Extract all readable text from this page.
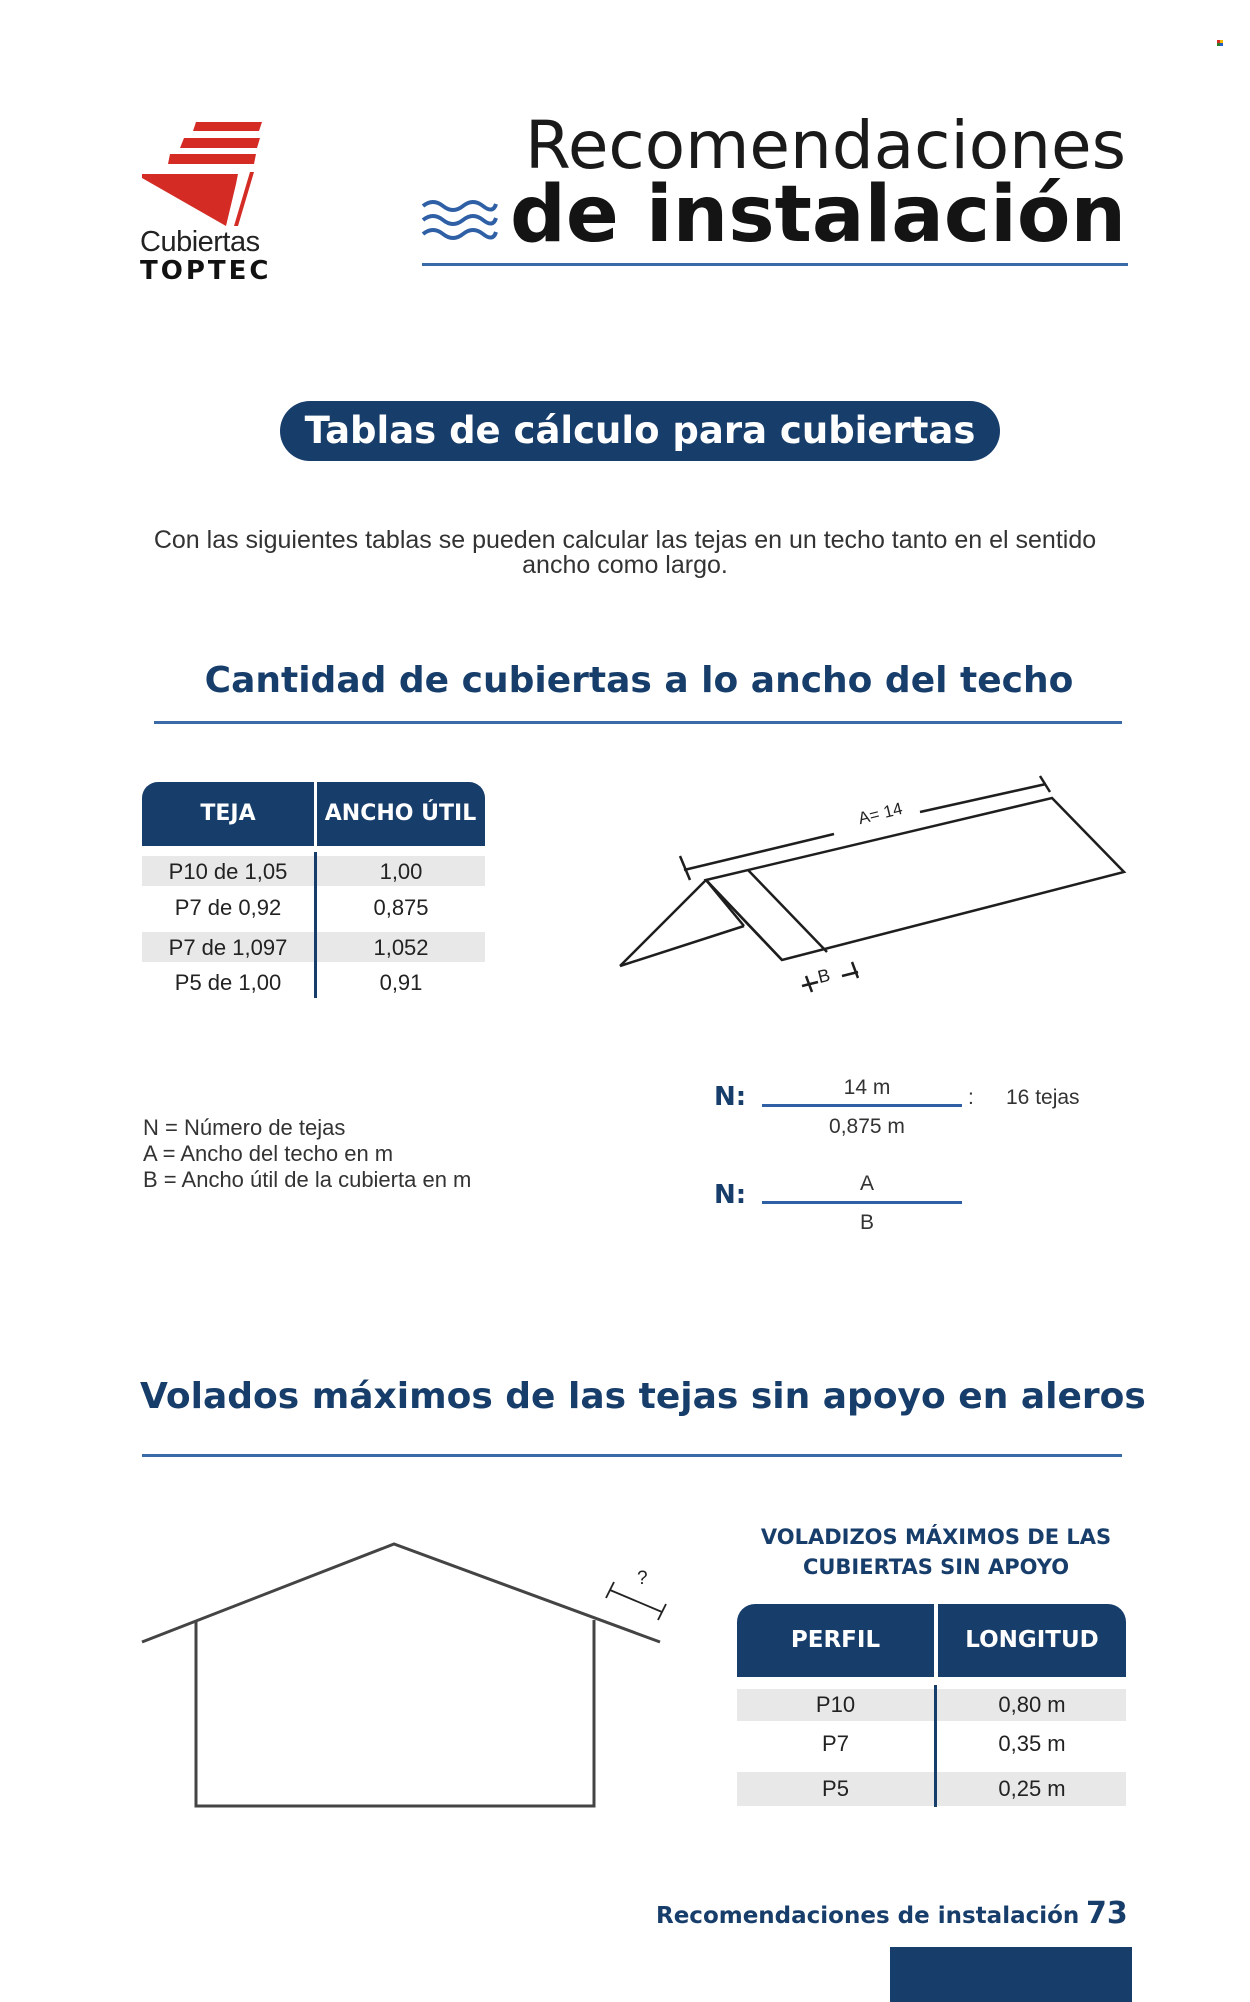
Cubiertas
TOPTEC
Recomendaciones
de instalación
Tablas de cálculo para cubiertas
Con las siguientes tablas se pueden calcular las tejas en un techo tanto en el sentido ancho como largo.
Cantidad de cubiertas a lo ancho del techo
TEJA	ANCHO ÚTIL
P10 de 1,05	1,00
P7 de 0,92	0,875
P7 de 1,097	1,052
P5 de 1,00	0,91
A= 14
B
N = Número de tejas
A = Ancho del techo en m
B = Ancho útil de la cubierta en m
N:	14 m
0,875 m
: 16 tejas
N:	A
B
Volados máximos de las tejas sin apoyo en aleros
?
VOLADIZOS MÁXIMOS DE LAS
CUBIERTAS SIN APOYO
PERFIL	LONGITUD
P10	0,80 m
P7	0,35 m
P5	0,25 m
Recomendaciones de instalación 73
